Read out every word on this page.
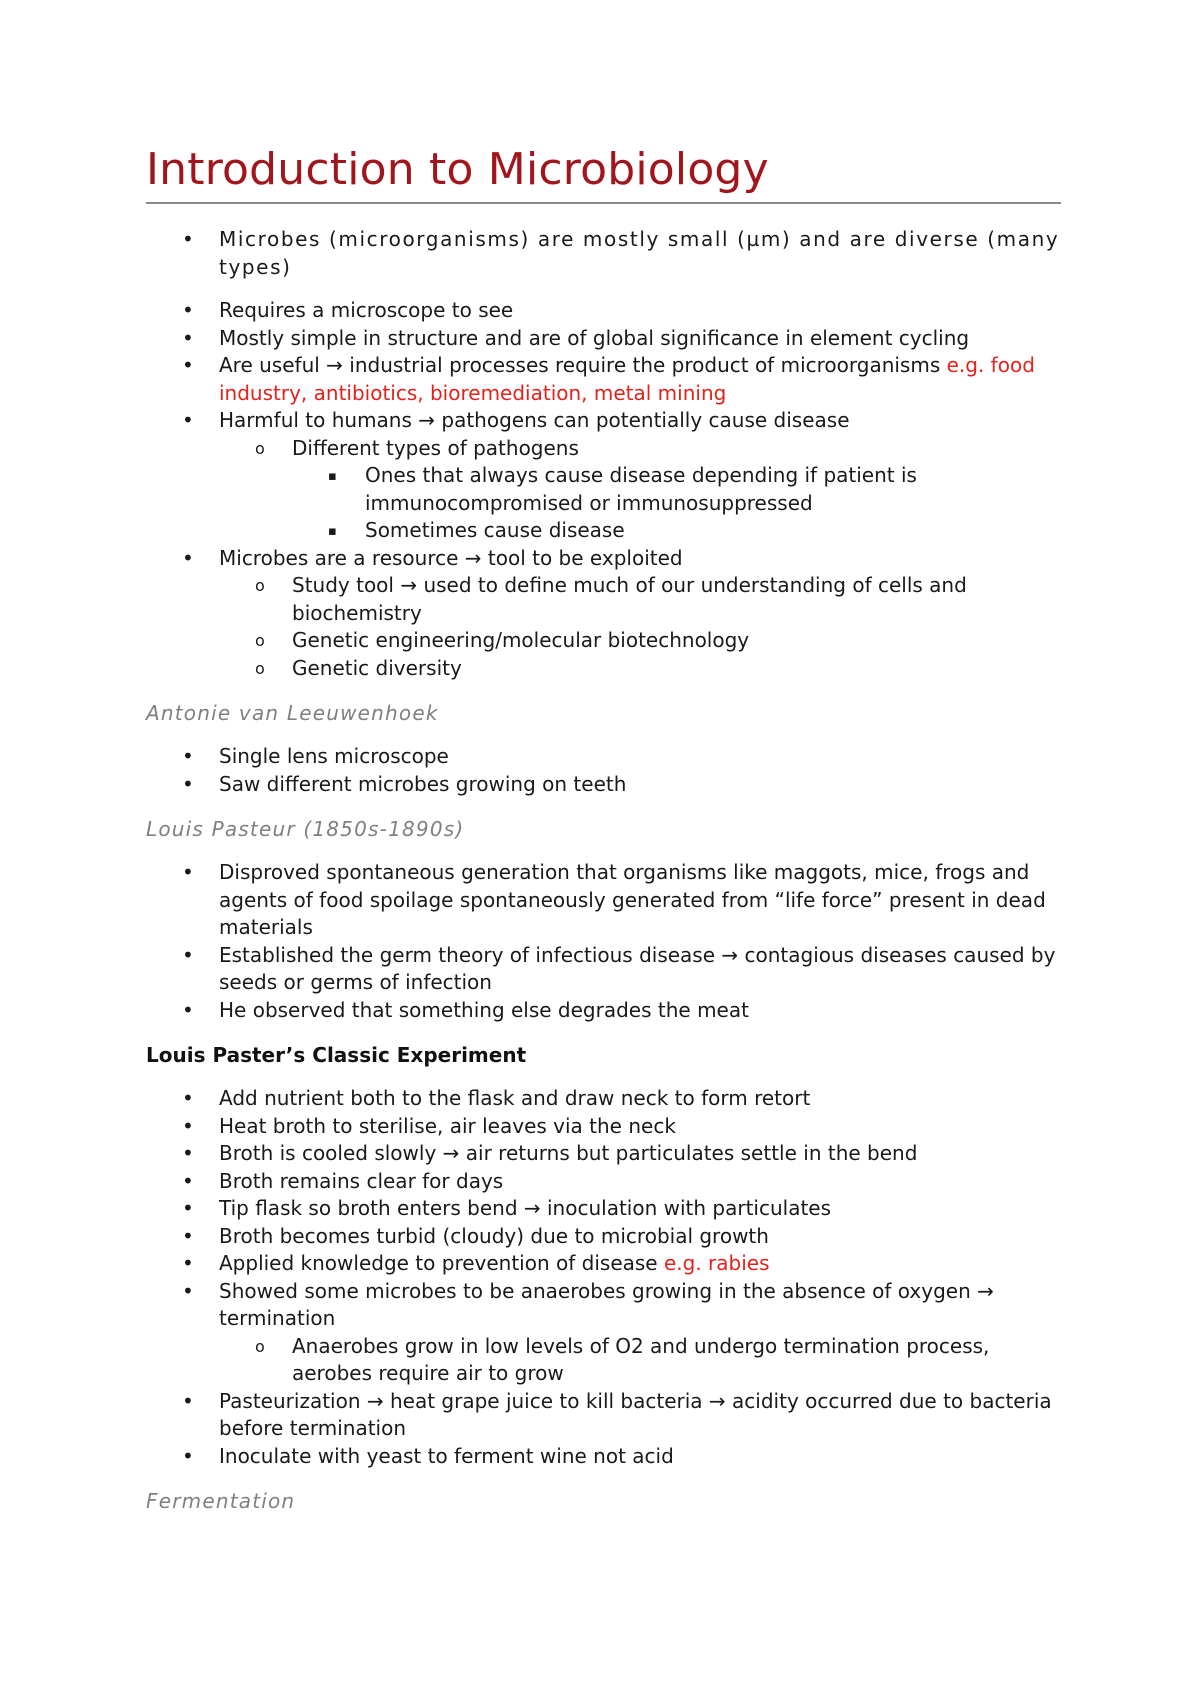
Introduction to Microbiology
• Microbes (microorganisms) are mostly small (µm) and are diverse (many types)
• Requires a microscope to see
• Mostly simple in structure and are of global significance in element cycling
• Are useful → industrial processes require the product of microorganisms e.g. food industry, antibiotics, bioremediation, metal mining
• Harmful to humans → pathogens can potentially cause disease
o Different types of pathogens
▪ Ones that always cause disease depending if patient is immunocompromised or immunosuppressed
▪ Sometimes cause disease
• Microbes are a resource → tool to be exploited
o Study tool → used to define much of our understanding of cells and biochemistry
o Genetic engineering/molecular biotechnology
o Genetic diversity
Antonie van Leeuwenhoek
• Single lens microscope
• Saw different microbes growing on teeth
Louis Pasteur (1850s-1890s)
• Disproved spontaneous generation that organisms like maggots, mice, frogs and agents of food spoilage spontaneously generated from “life force” present in dead materials
• Established the germ theory of infectious disease → contagious diseases caused by seeds or germs of infection
• He observed that something else degrades the meat
Louis Paster’s Classic Experiment
• Add nutrient both to the flask and draw neck to form retort
• Heat broth to sterilise, air leaves via the neck
• Broth is cooled slowly → air returns but particulates settle in the bend
• Broth remains clear for days
• Tip flask so broth enters bend → inoculation with particulates
• Broth becomes turbid (cloudy) due to microbial growth
• Applied knowledge to prevention of disease e.g. rabies
• Showed some microbes to be anaerobes growing in the absence of oxygen → termination
o Anaerobes grow in low levels of O2 and undergo termination process, aerobes require air to grow
• Pasteurization → heat grape juice to kill bacteria → acidity occurred due to bacteria before termination
• Inoculate with yeast to ferment wine not acid
Fermentation
